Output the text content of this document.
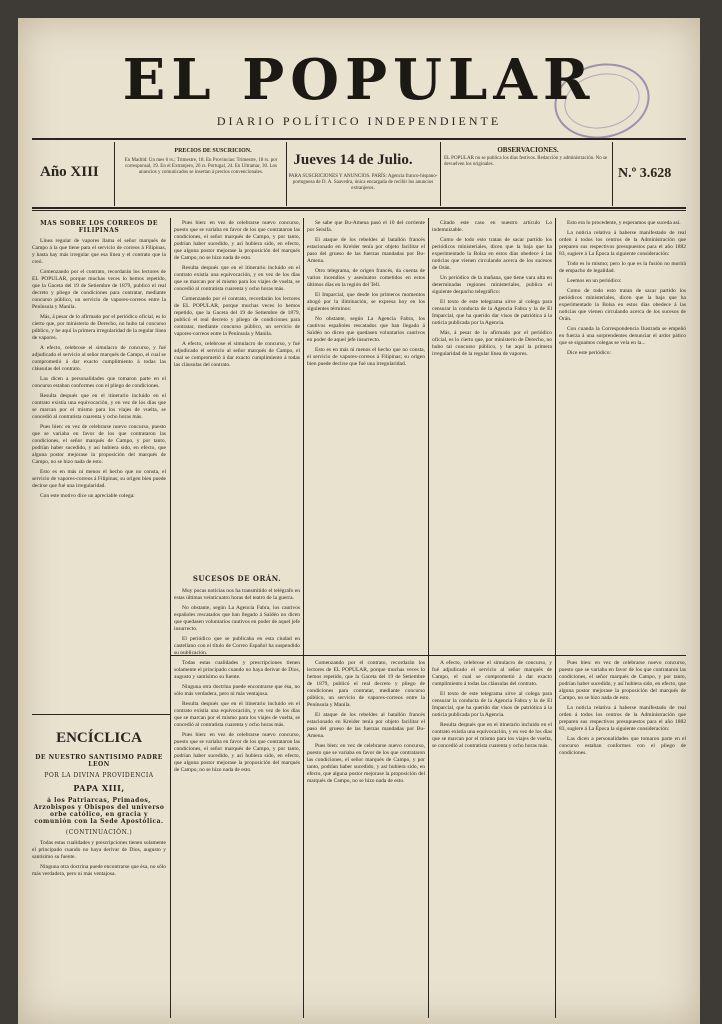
EL POPULAR
DIARIO POLÍTICO INDEPENDIENTE
Año XIII
PRECIOS DE SUSCRICION.
En Madrid: Un mes 6 rs.; Trimestre, 18. En Provincias: Trimestre, 18 rs. por corresponsal, 19. En el Extranjero, 26 rs. Portugal, 24. En Ultramar, 30. Los anuncios y comunicados se insertan á precios convencionales.
Jueves 14 de Julio.
PARA SUSCRICIONES Y ANUNCIOS. PARÍS: Agencia franco-hispano-portuguesa de D. A. Saavedra, única encargada de recibir los anuncios extranjeros.
OBSERVACIONES.
EL POPULAR no se publica los días festivos. Redacción y administración. No se devuelven los originales.
N.º 3.628
MÁS SOBRE LOS CORREOS DE FILIPINAS

Línea regular de vapores llama el señor marqués de Campo á la que tiene para el servicio de correos á Filipinas, y hasta hay más irregular que esa línea y el contrato que la creó.

Comenzando por el contrato, recordarán los lectores de EL POPULAR, porque muchas veces lo hemos repetido, que la Gaceta del 19 de Setiembre de 1879, publicó el real decreto y pliego de condiciones para contratar, mediante concurso público, un servicio de vapores-correos entre la Península y Manila.

Más, á pesar de lo afirmado por el periódico oficial, es lo cierto que, por ministerio de Derecho, no hubo tal concurso público, y he aquí la primera irregularidad de la regular línea de vapores.

A efecto, celebrose el simulacro de concurso, y fué adjudicado el servicio al señor marqués de Campo, el cual se comprometió á dar exacto cumplimiento á todas las cláusulas del contrato.

Las dicen a personalidades que tomaron parte en el concurso estaban conformes con el pliego de condiciones.

Resulta después que en el itinerario incluido en el contrato existía una equivocación, y en vez de los días que se marcan por el mismo para los viajes de vuelta, se concedió al contratista cuarenta y ocho horas más.

Pues bien: en vez de celebrarse nuevo concurso, puesto que se variaba en favor de los que contrataron las condiciones, el señor marqués de Campo, y por tanto, podrían haber sucedido, y así hubiera sido, en efecto, que alguna postor mejorase la proposición del marqués de Campo, no se hizo nada de esto.

Esto es en más ni menos el hecho que no consta, el servicio de vapores-correos á Filipinas; su origen bien puede decirse que fué una irregularidad.

Con este motivo dice un apreciable colega:

ENCÍCLICA
DE NUESTRO SANTÍSIMO PADRE LEON
POR LA DIVINA PROVIDENCIA
PAPA XIII,
á los Patriarcas, Primados, Arzobispos y Obispos del universo orbe católico, en gracia y comunión con la Sede Apostólica.
(CONTINUACIÓN.)

Todas estas cualidades y prescripciones tienen solamente el principado cuando no haya derivar de Dios, augusto y santísimo su fuente.

Ninguna otra doctrina puede encontrarse que ésa, no sólo más verdadera, pero ni más ventajosa.

Pues bien: en vez de celebrarse nuevo concurso, puesto que se variaba en favor de los que contrataron las condiciones, el señor marqués de Campo, y por tanto, podrían haber sucedido, y así hubiera sido, en efecto, que alguna postor mejorase la proposición del marqués de Campo, no se hizo nada de esto.

Resulta después que en el itinerario incluido en el contrato existía una equivocación, y en vez de los días que se marcan por el mismo para los viajes de vuelta, se concedió al contratista cuarenta y ocho horas más.

Comenzando por el contrato, recordarán los lectores de EL POPULAR, porque muchas veces lo hemos repetido, que la Gaceta del 19 de Setiembre de 1879, publicó el real decreto y pliego de condiciones para contratar, mediante concurso público, un servicio de vapores-correos entre la Península y Manila.

A efecto, celebrose el simulacro de concurso, y fué adjudicado el servicio al señor marqués de Campo, el cual se comprometió á dar exacto cumplimiento á todas las cláusulas del contrato.

SUCESOS DE ORÁN.

Muy pocas noticias nos ha transmitido el telégrafo en estas últimas veinticuatro horas del teatro de la guerra.

No obstante, según La Agencia Fabra, los cautivos españoles rescatados que han llegado á Saïdéo no dicen que quedasen voluntarios cautivos en poder de aquel jefe insurrecto.

El periódico que se publicaba en esta ciudad en castellano con el título de Correo Español ha suspendido su publicación.

Se sabe que Bu-Amena pasó el 10 del corriente por Seisifa.

El ataque de los rebeldes al batallón francés estacionado en Kreider tenía por objeto facilitar el paso del grueso de las fuerzas mandadas por Bu-Amena.

Otro telegrama, de origen francés, da cuenta de varios incendios y asesinatos cometidos en estos últimos días en la región del Tell.

El Imparcial, que desde los primeros momentos abogó por la iliminación, se expresa hoy en los siguientes términos:

No obstante, según La Agencia Fabra, los cautivos españoles rescatados que han llegado á Saïdéo no dicen que quedasen voluntarios cautivos en poder de aquel jefe insurrecto.

Esto es en más ni menos el hecho que no consta, el servicio de vapores-correos á Filipinas; su origen bien puede decirse que fué una irregularidad.

Citado este caso en nuestro artículo Lo indemnizable.

Como de todo esto tratan de sacar partido los periódicos ministeriales, dicen que la baja que ha experimentado la Bolsa en estos días obedece á las noticias que vienen circulando acerca de los sucesos de Orán.

Un periódico de la mañana, que tiene vara alta en determinadas regiones ministeriales, publica el siguiente despacho telegráfico:

El texto de este telegrama sirve al colega para censurar la conducta de la Agencia Fabra y la de El Imparcial, que ha querido dar visos de patriótica á la noticia publicada por la Agencia.

Más, á pesar de lo afirmado por el periódico oficial, es lo cierto que, por ministerio de Derecho, no hubo tal concurso público, y he aquí la primera irregularidad de la regular línea de vapores.

Esto era lo procedente, y esperamos que suceda así.

La noticia relativa á haberse manifestado de real orden á todos los centros de la Administración que preparen sus respectivos presupuestos para el año 1882 83, sugiere á La Época la siguiente consideración:

Todo es lo mismo; pero lo que es la fusión no morirá de empacho de legalidad.

Leemos en un periódico:

Como de todo esto tratan de sacar partido los periódicos ministeriales, dicen que la baja que ha experimentado la Bolsa en estos días obedece á las noticias que vienen circulando acerca de los sucesos de Orán.

Con cuanda la Correspondencia Ilustrada se empeñó en fuerza á una sorprendentes denunciar el ardor pático que se siguamos colegas se veía en la...

Dice este periódico:

Todas estas cualidades y prescripciones tienen solamente el principado cuando no haya derivar de Dios, augusto y santísimo su fuente.

Ninguna otra doctrina puede encontrarse que ésa, no sólo más verdadera, pero ni más ventajosa.

Resulta después que en el itinerario incluido en el contrato existía una equivocación, y en vez de los días que se marcan por el mismo para los viajes de vuelta, se concedió al contratista cuarenta y ocho horas más.

Pues bien: en vez de celebrarse nuevo concurso, puesto que se variaba en favor de los que contrataron las condiciones, el señor marqués de Campo, y por tanto, podrían haber sucedido, y así hubiera sido, en efecto, que alguna postor mejorase la proposición del marqués de Campo, no se hizo nada de esto.

Comenzando por el contrato, recordarán los lectores de EL POPULAR, porque muchas veces lo hemos repetido, que la Gaceta del 19 de Setiembre de 1879, publicó el real decreto y pliego de condiciones para contratar, mediante concurso público, un servicio de vapores-correos entre la Península y Manila.

El ataque de los rebeldes al batallón francés estacionado en Kreider tenía por objeto facilitar el paso del grueso de las fuerzas mandadas por Bu-Amena.

Pues bien: en vez de celebrarse nuevo concurso, puesto que se variaba en favor de los que contrataron las condiciones, el señor marqués de Campo, y por tanto, podrían haber sucedido, y así hubiera sido, en efecto, que alguna postor mejorase la proposición del marqués de Campo, no se hizo nada de esto.

A efecto, celebrose el simulacro de concurso, y fué adjudicado el servicio al señor marqués de Campo, el cual se comprometió á dar exacto cumplimiento á todas las cláusulas del contrato.

El texto de este telegrama sirve al colega para censurar la conducta de la Agencia Fabra y la de El Imparcial, que ha querido dar visos de patriótica á la noticia publicada por la Agencia.

Resulta después que en el itinerario incluido en el contrato existía una equivocación, y en vez de los días que se marcan por el mismo para los viajes de vuelta, se concedió al contratista cuarenta y ocho horas más.

Pues bien: en vez de celebrarse nuevo concurso, puesto que se variaba en favor de los que contrataron las condiciones, el señor marqués de Campo, y por tanto, podrían haber sucedido, y así hubiera sido, en efecto, que alguna postor mejorase la proposición del marqués de Campo, no se hizo nada de esto.

La noticia relativa á haberse manifestado de real orden á todos los centros de la Administración que preparen sus respectivos presupuestos para el año 1882 83, sugiere á La Época la siguiente consideración:

Las dicen a personalidades que tomaron parte en el concurso estaban conformes con el pliego de condiciones.
